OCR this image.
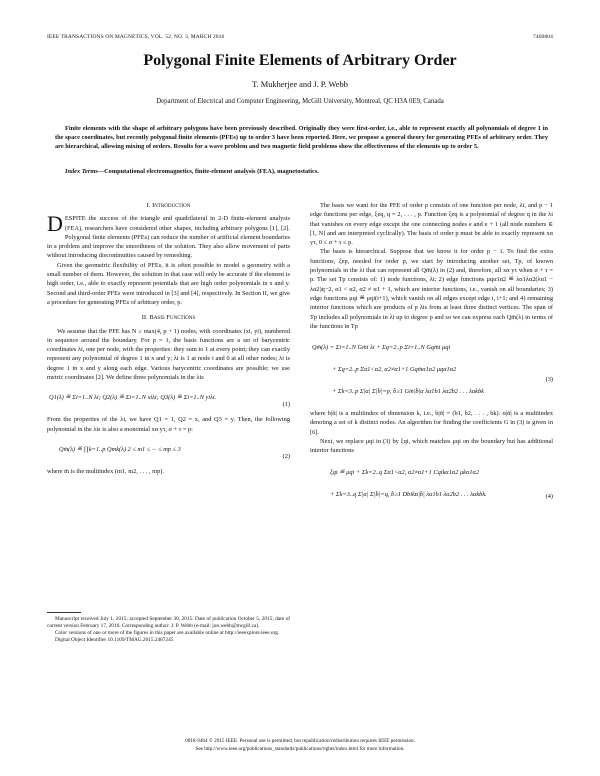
IEEE TRANSACTIONS ON MAGNETICS, VOL. 52, NO. 3, MARCH 2016	7400604
Polygonal Finite Elements of Arbitrary Order
T. Mukherjee and J. P. Webb
Department of Electrical and Computer Engineering, McGill University, Montreal, QC H3A 0E9, Canada
Finite elements with the shape of arbitrary polygons have been previously described. Originally they were first-order, i.e., able to represent exactly all polynomials of degree 1 in the space coordinates, but recently polygonal finite elements (PFEs) up to order 3 have been reported. Here, we propose a general theory for generating PFEs of arbitrary order. They are hierarchical, allowing mixing of orders. Results for a wave problem and two magnetic field problems show the effectiveness of the elements up to order 5.
Index Terms—Computational electromagnetics, finite-element analysis (FEA), magnetostatics.
I. Introduction

DESPITE the success of the triangle and quadrilateral in 2-D finite-element analysis (FEA), researchers have considered other shapes, including arbitrary polygons [1], [2]. Polygonal finite elements (PFEs) can reduce the number of artificial element boundaries in a problem and improve the smoothness of the solution. They also allow movement of parts without introducing discontinuities caused by remeshing.

Given the geometric flexibility of PFEs, it is often possible to model a geometry with a small number of them. However, the solution in that case will only be accurate if the element is high order, i.e., able to exactly represent potentials that are high order polynomials in x and y. Second and third-order PFEs were introduced in [3] and [4], respectively. In Section II, we give a procedure for generating PFEs of arbitrary order, p.

II. Basis Functions

We assume that the PFE has N ≥ max(4, p + 1) nodes, with coordinates (xi, yi), numbered in sequence around the boundary. For p = 1, the basis functions are a set of barycentric coordinates λi, one per node, with the properties: they sum to 1 at every point; they can exactly represent any polynomial of degree 1 in x and y; λi is 1 at node i and 0 at all other nodes; λi is degree 1 in x and y along each edge. Various barycentric coordinates are possible; we use metric coordinates [2]. We define three polynomials in the λis

Q1(λ) ≝ Σi=1..N λi; Q2(λ) ≝ Σi=1..N xiλi; Q3(λ) ≝ Σi=1..N yiλi.
(1)

From the properties of the λi, we have Q1 = 1, Q2 = x, and Q3 = y. Then, the following polynomial in the λis is also a monomial xα yτ, σ + τ = p:

Qm̄(λ) ≝ ∏k=1..p Qmk(λ) 2 ≤ m1 ≤ ··· ≤ mp ≤ 3
(2)

where m̄ is the multiindex (m1, m2, . . . , mp).

Manuscript received July 1, 2015; accepted September 30, 2015. Date of publication October 5, 2015; date of current version February 17, 2016. Corresponding author: J. P. Webb (e-mail: jon.webb@mcgill.ca).

Color versions of one or more of the figures in this paper are available online at http://ieeexplore.ieee.org.

Digital Object Identifier 10.1109/TMAG.2015.2487245

The basis we want for the PFE of order p consists of one function per node, λi, and p − 1 edge functions per edge, ξeq, q = 2, . . . , p. Function ξeq is a polynomial of degree q in the λi that vanishes on every edge except the one connecting nodes e and e + 1 (all node numbers ∈ [1, N] and are interpreted cyclically). The basis of order p must be able to exactly represent xα yτ, 0 ≤ σ + τ ≤ p.

The basis is hierarchical. Suppose that we know it for order p − 1. To find the extra functions, ξep, needed for order p, we start by introducing another set, Tp, of known polynomials in the λi that can represent all Qm̄(λ) in (2) and, therefore, all xα yτ when σ + τ = p. The set Tp consists of: 1) node functions, λi; 2) edge functions μqα1α2 ≝ λα1λα2(λα1 − λα2)q−2, α1 < α2, α2 ≠ α1 + 1, which are interior functions, i.e., vanish on all boundaries; 3) edge functions μqi ≝ μqi(i+1), which vanish on all edges except edge i, i+1; and 4) remaining interior functions which are products of p λis from at least three distinct vertices. The span of Tp includes all polynomials in λi up to degree p and so we can express each Qm̄(λ) in terms of the functions in Tp

Qm̄(λ) = Σi=1..N Gm̄i λi + Σq=2..p Σi=1..N Gqm̄i μqi
+ Σq=2..p Σα1<α2, α2≠α1+1 Gqm̄α1α2 μqα1α2
+ Σk=3..p Σ|α| Σ|b̄|=p, b̄≥1 Gm̄|b̄|α λα1b1 λα2b2 . . . λαkbk
(3)

where b|ᾱ| is a multiindex of dimension k, i.e., b|ᾱ| = (b1, b2, . . . , bk). α|ᾱ| is a multiindex denoting a set of k distinct nodes. An algorithm for finding the coefficients G in (3) is given in [6].

Next, we replace μqi in (3) by ξqi, which matches μqi on the boundary but has additional interior functions

ξqi ≝ μqi + Σk=2..q Σα1<α2, α2≠α1+1 Cqikα1α2 μkα1α2
+ Σk=3..q Σ|α| Σ|b̄|=q, b̄≥1 Dbikα|b̄| λα1b1 λα2b2 . . . λαkbk.	(4)
0018-9464 © 2015 IEEE. Personal use is permitted, but republication/redistribution requires IEEE permission.
See http://www.ieee.org/publications_standards/publications/rights/index.html for more information.
